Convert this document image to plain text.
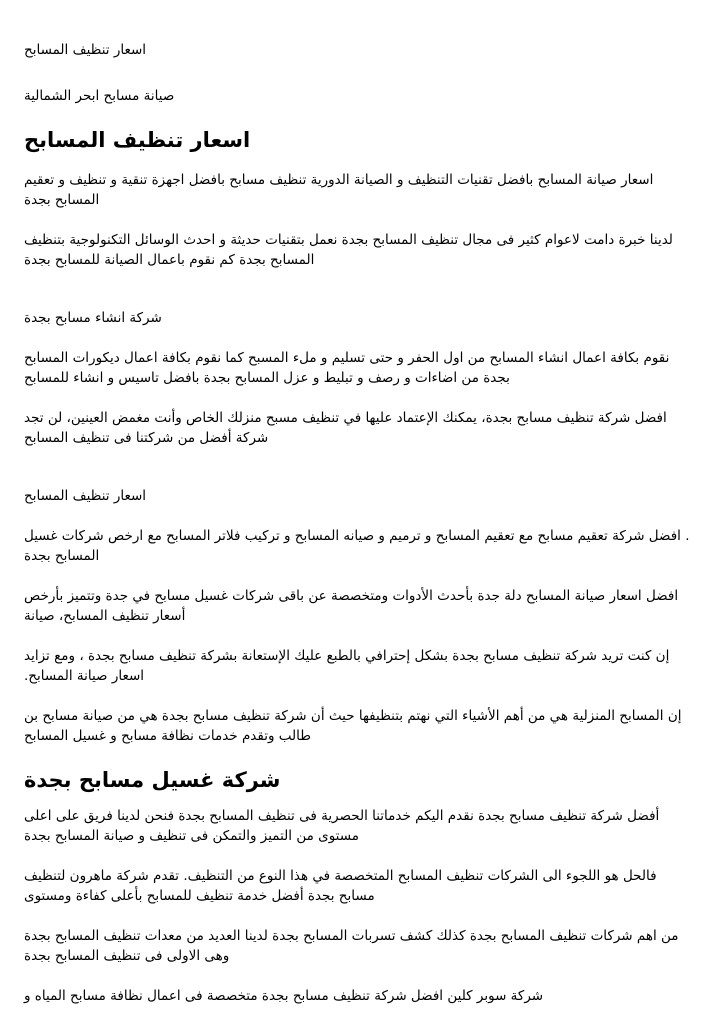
اسعار تنظيف المسابح

صيانة مسابح ابحر الشمالية

اسعار تنظيف المسابح

اسعار صيانة المسابح بافضل تقنيات التنظيف و الصيانة الدورية تنظيف مسابح بافضل اجهزة تنقية و تنظيف و تعقيم المسابح بجدة

لدينا خبرة دامت لاعوام كثير فى مجال تنظيف المسابح بجدة نعمل بتقنيات حديثة و احدث الوسائل التكنولوجية بتنظيف المسابح بجدة كم نقوم باعمال الصيانة للمسابح بجدة

شركة انشاء مسابح بجدة

نقوم بكافة اعمال انشاء المسابح من اول الحفر و حتى تسليم و ملء المسبح كما نقوم بكافة اعمال ديكورات المسابح بجدة من اضاءات و رصف و تبليط و عزل المسابح بجدة بافضل تاسيس و انشاء للمسابح

افضل شركة تنظيف مسابح بجدة، يمكنك الإعتماد عليها في تنظيف مسبح منزلك الخاص وأنت مغمض العينين، لن تجد شركة أفضل من شركتنا فى تنظيف المسابح

اسعار تنظيف المسابح

. افضل شركة تعقيم مسابح مع تعقيم المسابح و ترميم و صيانه المسابح و تركيب فلاتر المسابح مع ارخص شركات غسيل المسابح بجدة

افضل اسعار صيانة المسابح دلة جدة بأحدث الأدوات ومتخصصة عن باقى شركات غسيل مسابح في جدة وتتميز بأرخص أسعار تنظيف المسابح، صيانة

إن كنت تريد شركة تنظيف مسابح بجدة بشكل إحترافي بالطبع عليك الإستعانة بشركة تنظيف مسابح بجدة ، ومع تزايد اسعار صيانة المسابح.

إن المسابح المنزلية هي من أهم الأشياء التي نهتم بتنظيفها حيث أن شركة تنظيف مسابح بجدة هي من صيانة مسابح بن طالب وتقدم خدمات نظافة مسابح و غسيل المسابح

شركة غسيل مسابح بجدة

أفضل شركة تنظيف مسابح بجدة نقدم اليكم خدماتنا الحصرية فى تنظيف المسابح بجدة فنحن لدينا فريق على اعلى مستوى من التميز والتمكن فى تنظيف و صيانة المسابح بجدة

فالحل هو اللجوء الى الشركات تنظيف المسابح المتخصصة في هذا النوع من التنظيف. تقدم شركة ماهرون لتنظيف مسابح بجدة أفضل خدمة تنظيف للمسابح بأعلى كفاءة ومستوى

من اهم شركات تنظيف المسابح بجدة كذلك كشف تسربات المسابح بجدة لدينا العديد من معدات تنظيف المسابح بجدة وهى الاولى فى تنظيف المسابح بجدة

شركة سوبر كلين افضل شركة تنظيف مسابح بجدة متخصصة فى اعمال نظافة مسابح المياه و
